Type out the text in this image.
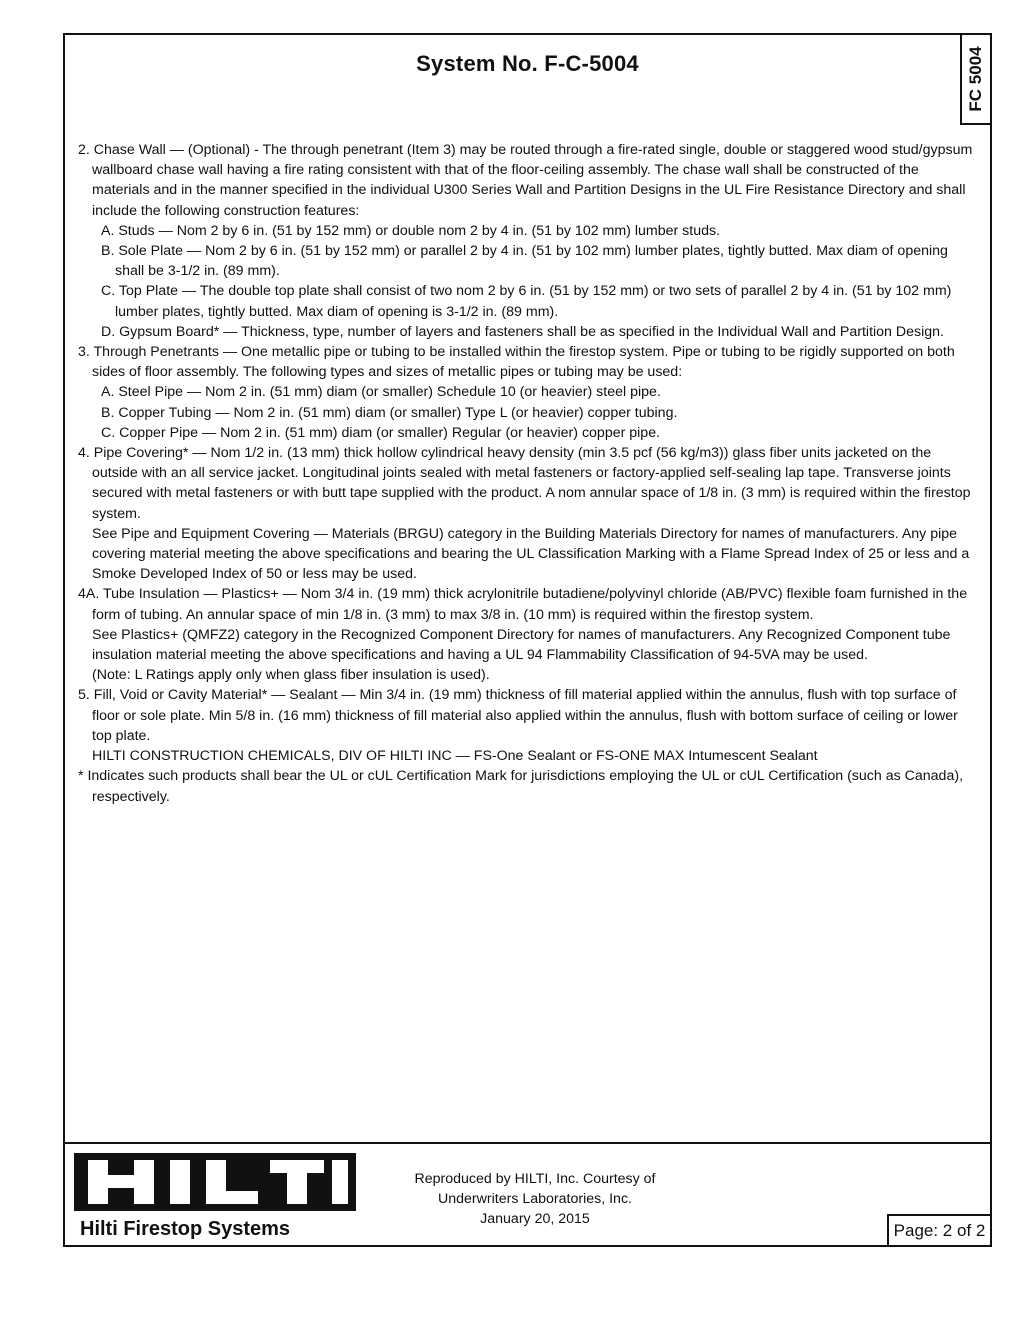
System No. F-C-5004	FC 5004

2. Chase Wall — (Optional) - The through penetrant (Item 3) may be routed through a fire-rated single, double or staggered wood stud/gypsum wallboard chase wall having a fire rating consistent with that of the floor-ceiling assembly. The chase wall shall be constructed of the materials and in the manner specified in the individual U300 Series Wall and Partition Designs in the UL Fire Resistance Directory and shall include the following construction features:

A. Studs — Nom 2 by 6 in. (51 by 152 mm) or double nom 2 by 4 in. (51 by 102 mm) lumber studs.

B. Sole Plate — Nom 2 by 6 in. (51 by 152 mm) or parallel 2 by 4 in. (51 by 102 mm) lumber plates, tightly butted. Max diam of opening shall be 3-1/2 in. (89 mm).

C. Top Plate — The double top plate shall consist of two nom 2 by 6 in. (51 by 152 mm) or two sets of parallel 2 by 4 in. (51 by 102 mm) lumber plates, tightly butted. Max diam of opening is 3-1/2 in. (89 mm).

D. Gypsum Board* — Thickness, type, number of layers and fasteners shall be as specified in the Individual Wall and Partition Design.

3. Through Penetrants — One metallic pipe or tubing to be installed within the firestop system. Pipe or tubing to be rigidly supported on both sides of floor assembly. The following types and sizes of metallic pipes or tubing may be used:

A. Steel Pipe — Nom 2 in. (51 mm) diam (or smaller) Schedule 10 (or heavier) steel pipe.

B. Copper Tubing — Nom 2 in. (51 mm) diam (or smaller) Type L (or heavier) copper tubing.

C. Copper Pipe — Nom 2 in. (51 mm) diam (or smaller) Regular (or heavier) copper pipe.

4. Pipe Covering* — Nom 1/2 in. (13 mm) thick hollow cylindrical heavy density (min 3.5 pcf (56 kg/m3)) glass fiber units jacketed on the outside with an all service jacket. Longitudinal joints sealed with metal fasteners or factory-applied self-sealing lap tape. Transverse joints secured with metal fasteners or with butt tape supplied with the product. A nom annular space of 1/8 in. (3 mm) is required within the firestop system.

See Pipe and Equipment Covering — Materials (BRGU) category in the Building Materials Directory for names of manufacturers. Any pipe covering material meeting the above specifications and bearing the UL Classification Marking with a Flame Spread Index of 25 or less and a Smoke Developed Index of 50 or less may be used.

4A. Tube Insulation — Plastics+ — Nom 3/4 in. (19 mm) thick acrylonitrile butadiene/polyvinyl chloride (AB/PVC) flexible foam furnished in the form of tubing. An annular space of min 1/8 in. (3 mm) to max 3/8 in. (10 mm) is required within the firestop system.

See Plastics+ (QMFZ2) category in the Recognized Component Directory for names of manufacturers. Any Recognized Component tube insulation material meeting the above specifications and having a UL 94 Flammability Classification of 94-5VA may be used.

(Note: L Ratings apply only when glass fiber insulation is used).

5. Fill, Void or Cavity Material* — Sealant — Min 3/4 in. (19 mm) thickness of fill material applied within the annulus, flush with top surface of floor or sole plate. Min 5/8 in. (16 mm) thickness of fill material also applied within the annulus, flush with bottom surface of ceiling or lower top plate.

HILTI CONSTRUCTION CHEMICALS, DIV OF HILTI INC — FS-One Sealant or FS-ONE MAX Intumescent Sealant

* Indicates such products shall bear the UL or cUL Certification Mark for jurisdictions employing the UL or cUL Certification (such as Canada), respectively.

Hilti Firestop Systems
Reproduced by HILTI, Inc. Courtesy of
Underwriters Laboratories, Inc.
January 20, 2015
Page: 2 of 2
